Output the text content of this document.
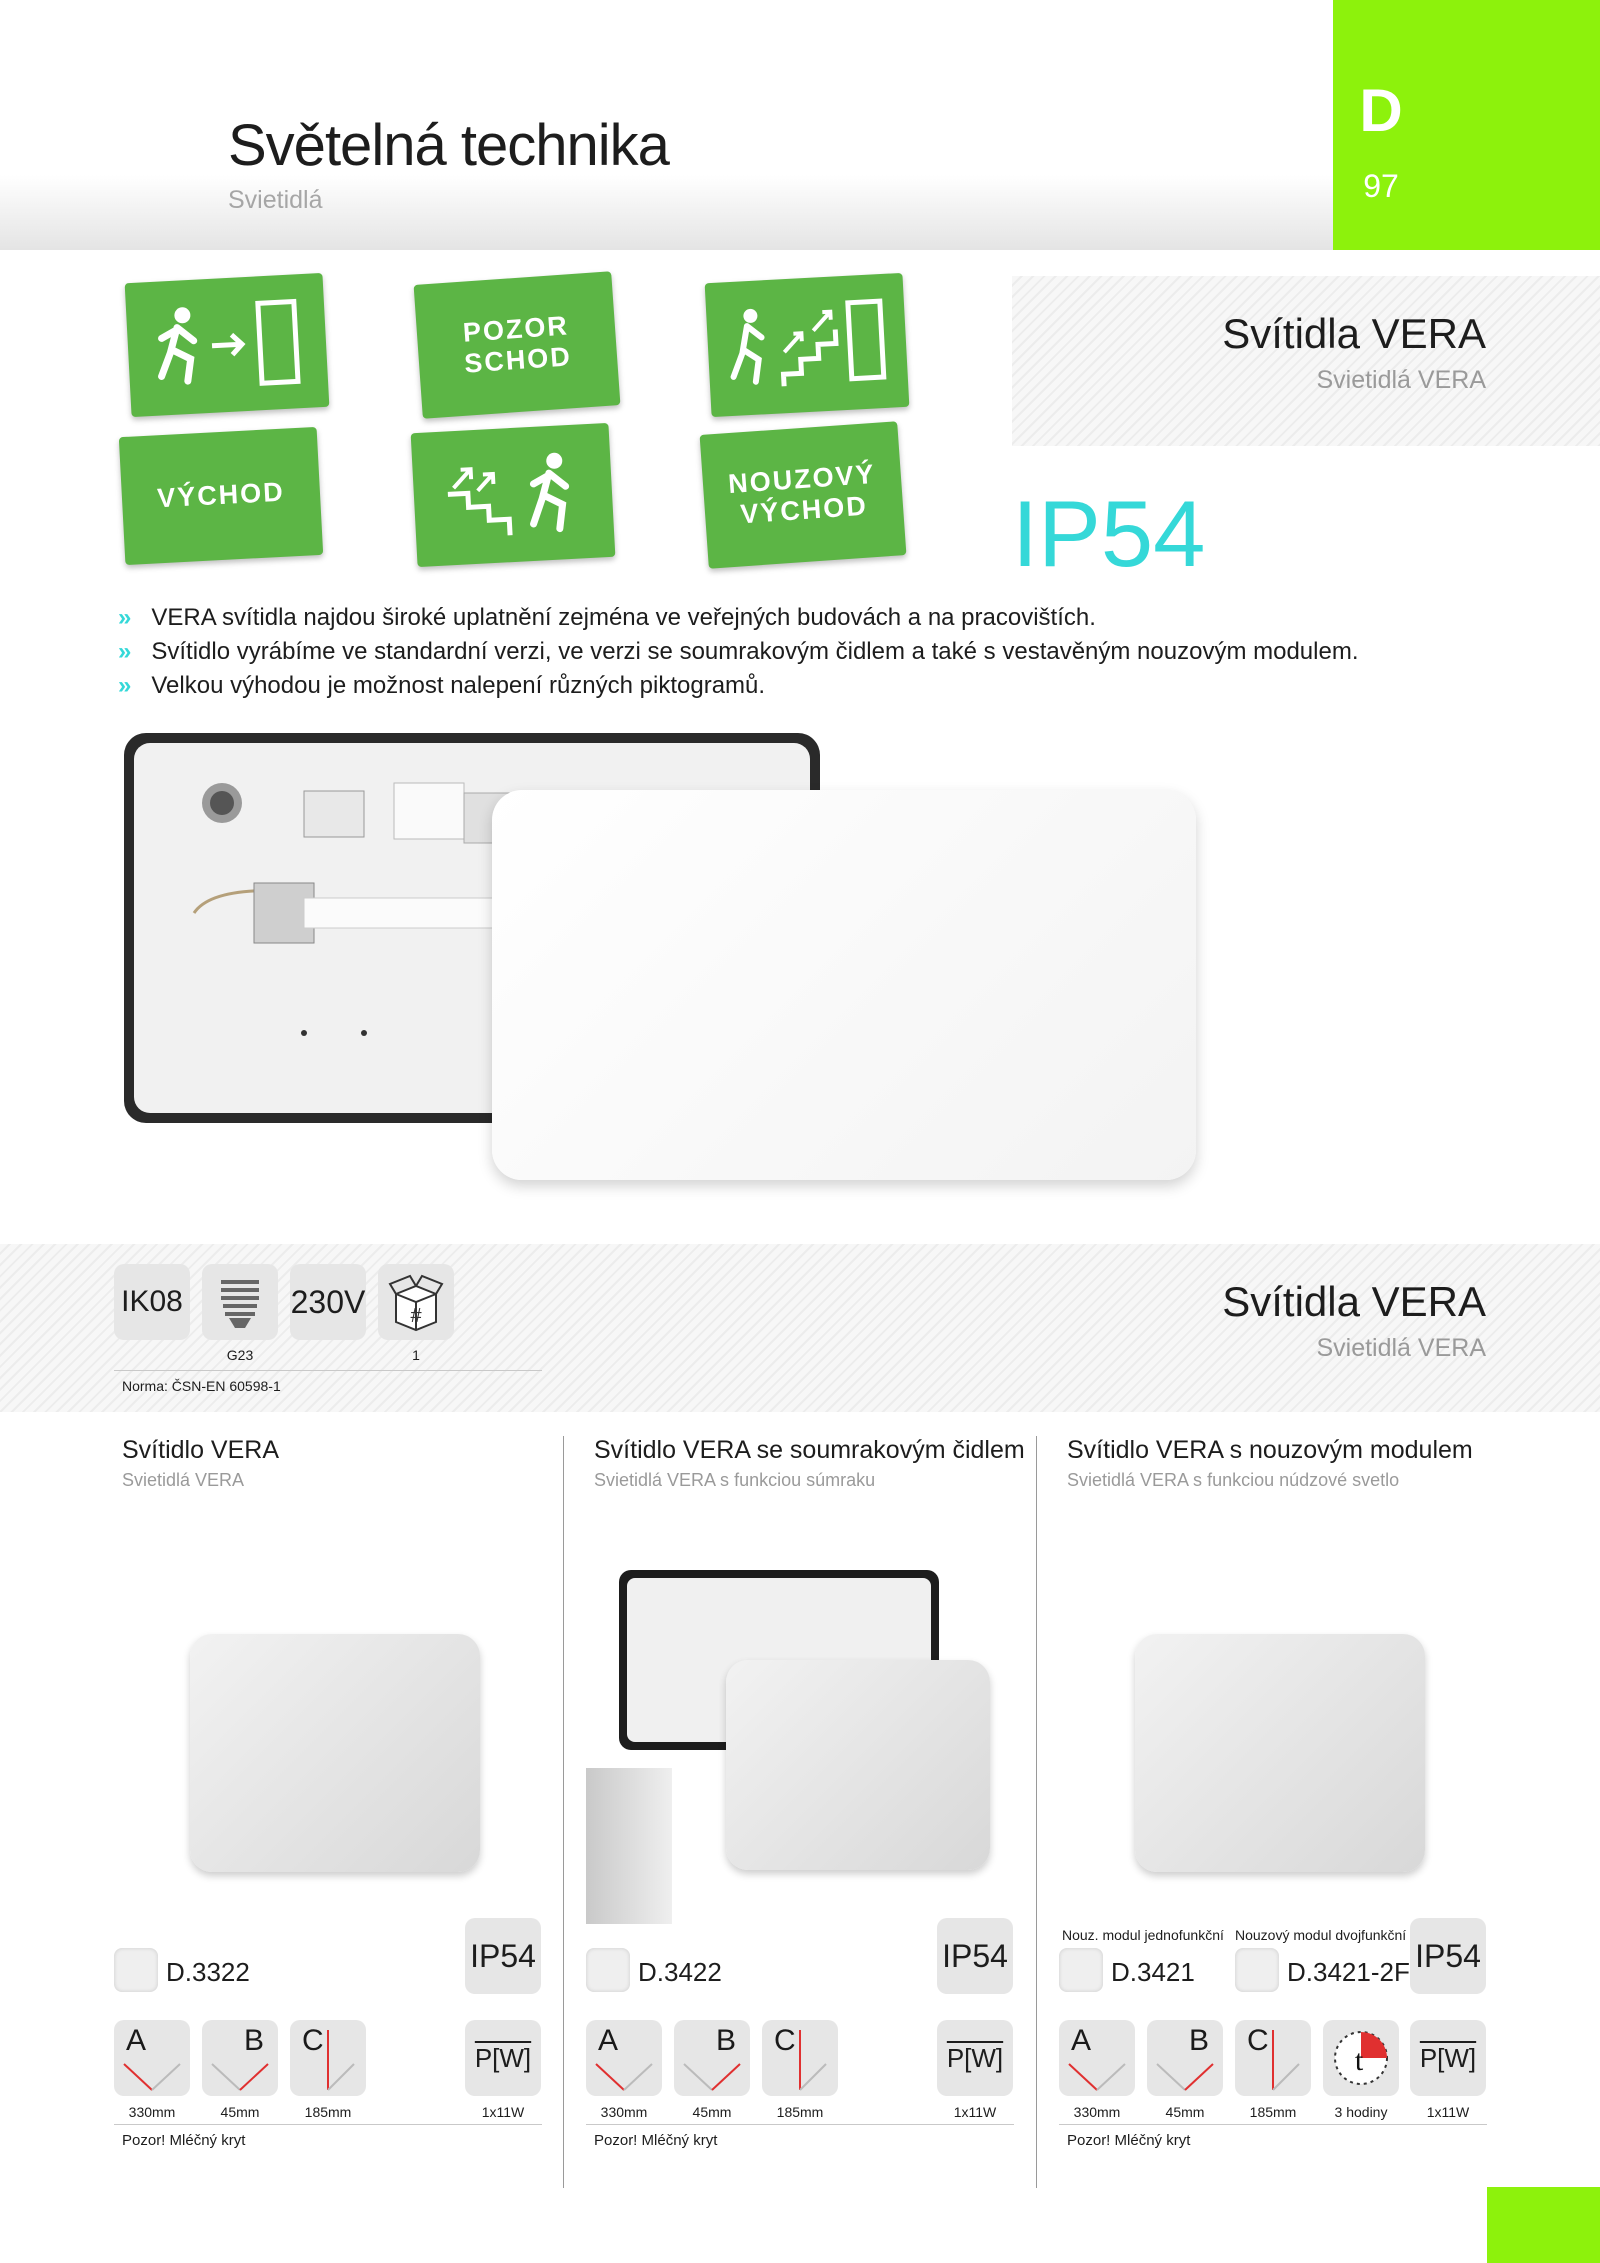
Světelná technika
Svietidlá
D
97
Svítidla VERA
Svietidlá VERA
POZOR
SCHOD
VÝCHOD	NOUZOVÝ
VÝCHOD IP54
» VERA svítidla najdou široké uplatnění zejména ve veřejných budovách a na pracovištích.
» Svítidlo vyrábíme ve standardní verzi, ve verzi se soumrakovým čidlem a také s vestavěným nouzovým modulem.
» Velkou výhodou je možnost nalepení různých piktogramů.
IK08	230V #
G23	1
Norma: ČSN-EN 60598-1
Svítidla VERA
Svietidlá VERA
Svítidlo VERA
Svietidlá VERA
D.3322	IP54
Svítidlo VERA se soumrakovým čidlem
Svietidlá VERA s funkciou súmraku
D.3422	IP54
Svítidlo VERA s nouzovým modulem
Svietidlá VERA s funkciou núdzové svetlo
Nouz. modul jednofunkční Nouzový modul dvojfunkční
D.3421	D.3421-2F IP54
A
330mm
B
45mm
C
185mm
P[W]
1x11W
Pozor! Mléčný kryt
A
330mm
B
45mm
C
185mm
P[W]
1x11W
Pozor! Mléčný kryt
A
330mm
B
45mm
C
185mm
t
3 hodiny
P[W]
1x11W
Pozor! Mléčný kryt
